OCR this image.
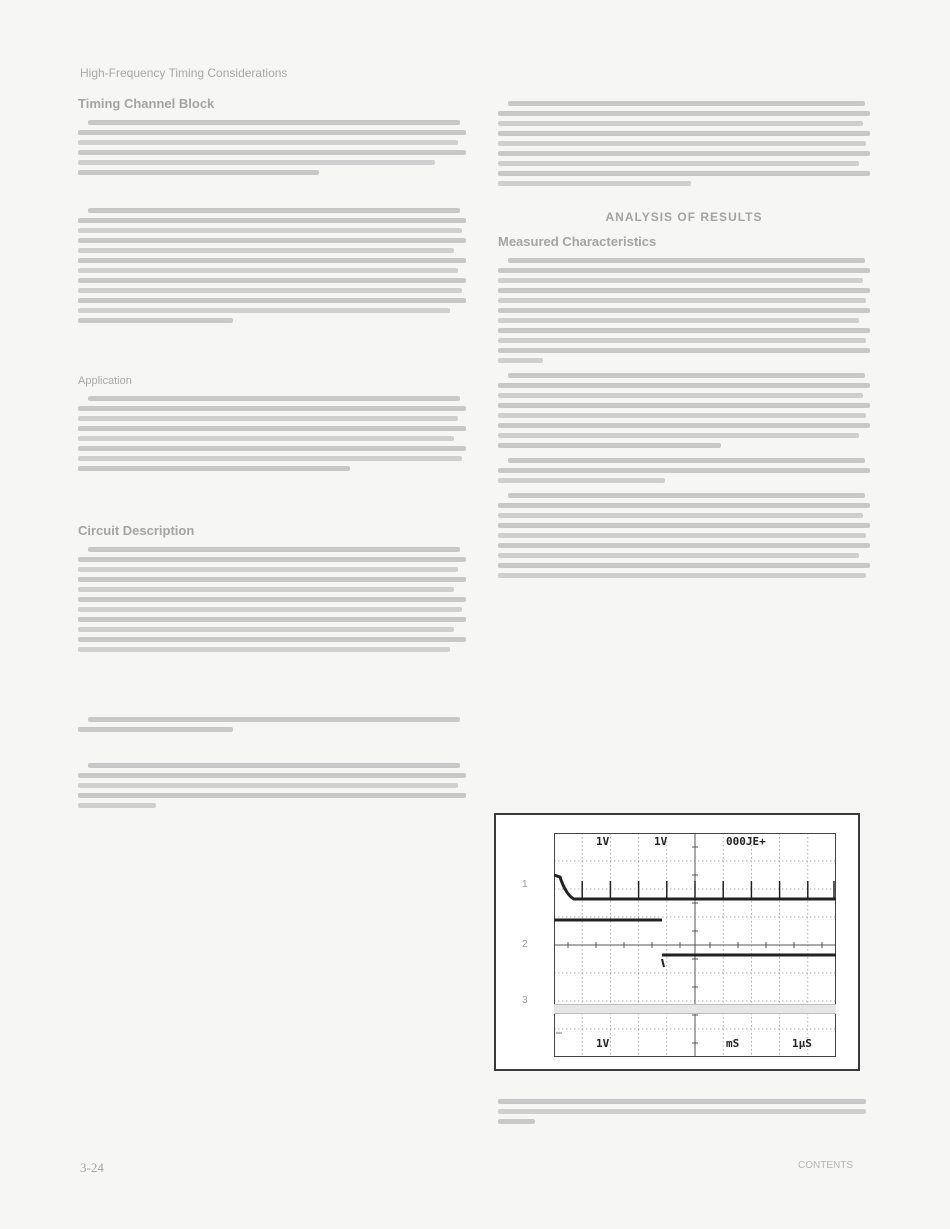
High-Frequency Timing Considerations
Timing Channel Block
Application
Circuit Description
ANALYSIS OF RESULTS
Measured Characteristics
1
2
3
1V	1V	000JE+
1V	mS	1μS
3-24	CONTENTS
